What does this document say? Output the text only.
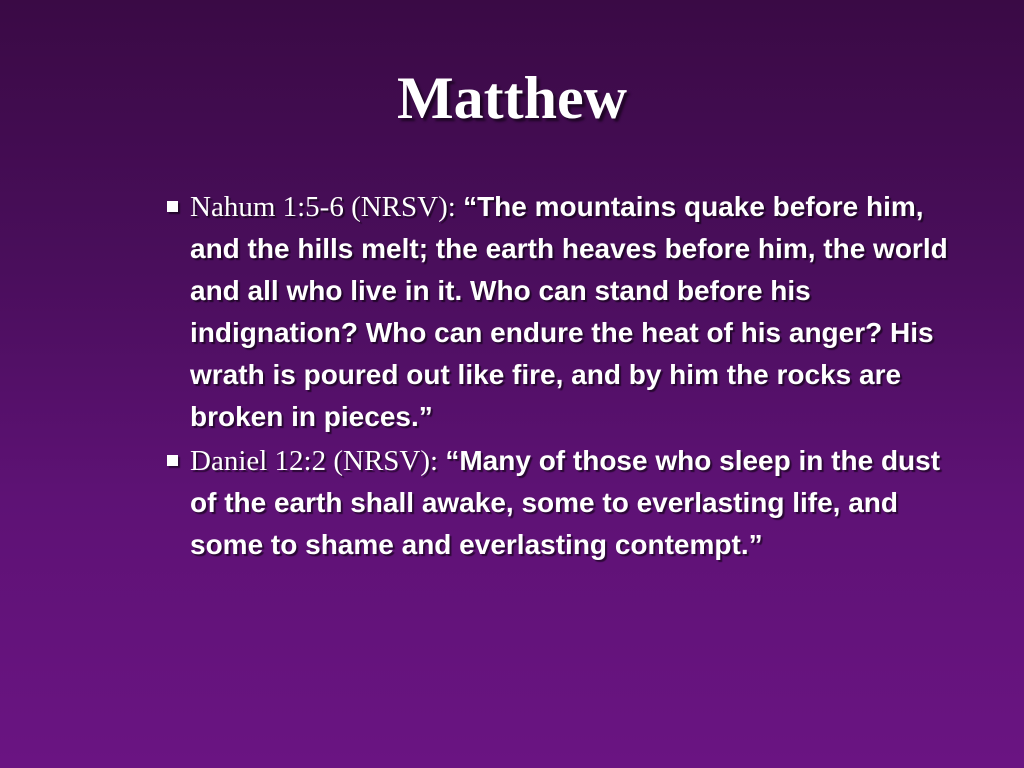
Matthew
Nahum 1:5-6 (NRSV): “The mountains quake before him, and the hills melt; the earth heaves before him, the world and all who live in it. Who can stand before his indignation? Who can endure the heat of his anger? His wrath is poured out like fire, and by him the rocks are broken in pieces.”
Daniel 12:2 (NRSV): “Many of those who sleep in the dust of the earth shall awake, some to everlasting life, and some to shame and everlasting contempt.”
